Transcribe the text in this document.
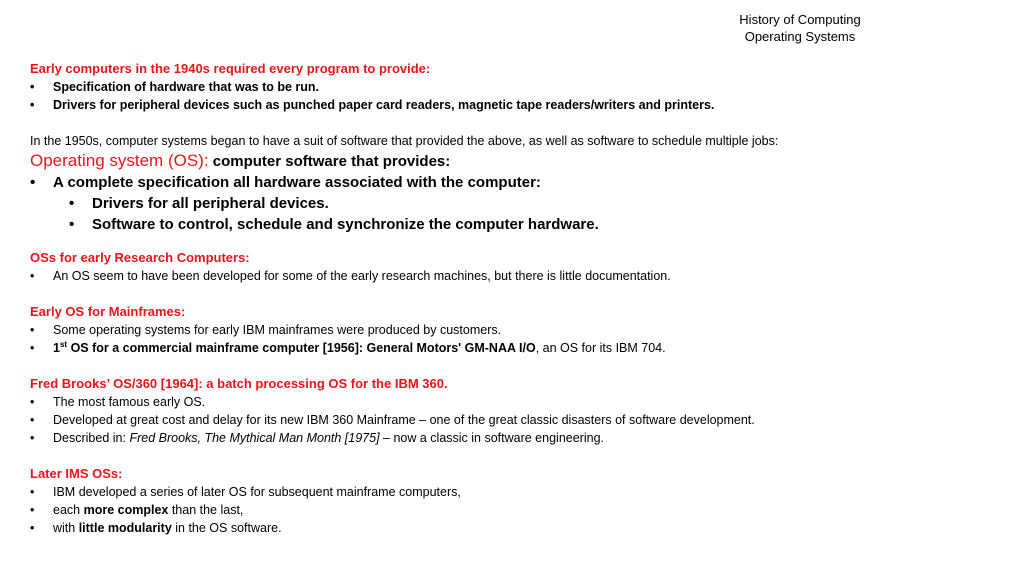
History of Computing
Operating Systems
Early computers in the 1940s required every program to provide:
• Specification of hardware that was to be run.
• Drivers for peripheral devices such as punched paper card readers, magnetic tape readers/writers and printers.
In the 1950s, computer systems began to have a suit of software that provided the above, as well as software to schedule multiple jobs:
Operating system (OS): computer software that provides:
• A complete specification all hardware associated with the computer:
• Drivers for all peripheral devices.
• Software to control, schedule and synchronize the computer hardware.
OSs for early Research Computers:
• An OS seem to have been developed for some of the early research machines, but there is little documentation.
Early OS for Mainframes:
• Some operating systems for early IBM mainframes were produced by customers.
• 1st OS for a commercial mainframe computer [1956]: General Motors' GM-NAA I/O, an OS for its IBM 704.
Fred Brooks’ OS/360 [1964]: a batch processing OS for the IBM 360.
• The most famous early OS.
• Developed at great cost and delay for its new IBM 360 Mainframe – one of the great classic disasters of software development.
• Described in: Fred Brooks, The Mythical Man Month [1975] – now a classic in software engineering.
Later IMS OSs:
• IBM developed a series of later OS for subsequent mainframe computers,
• each more complex than the last,
• with little modularity in the OS software.
